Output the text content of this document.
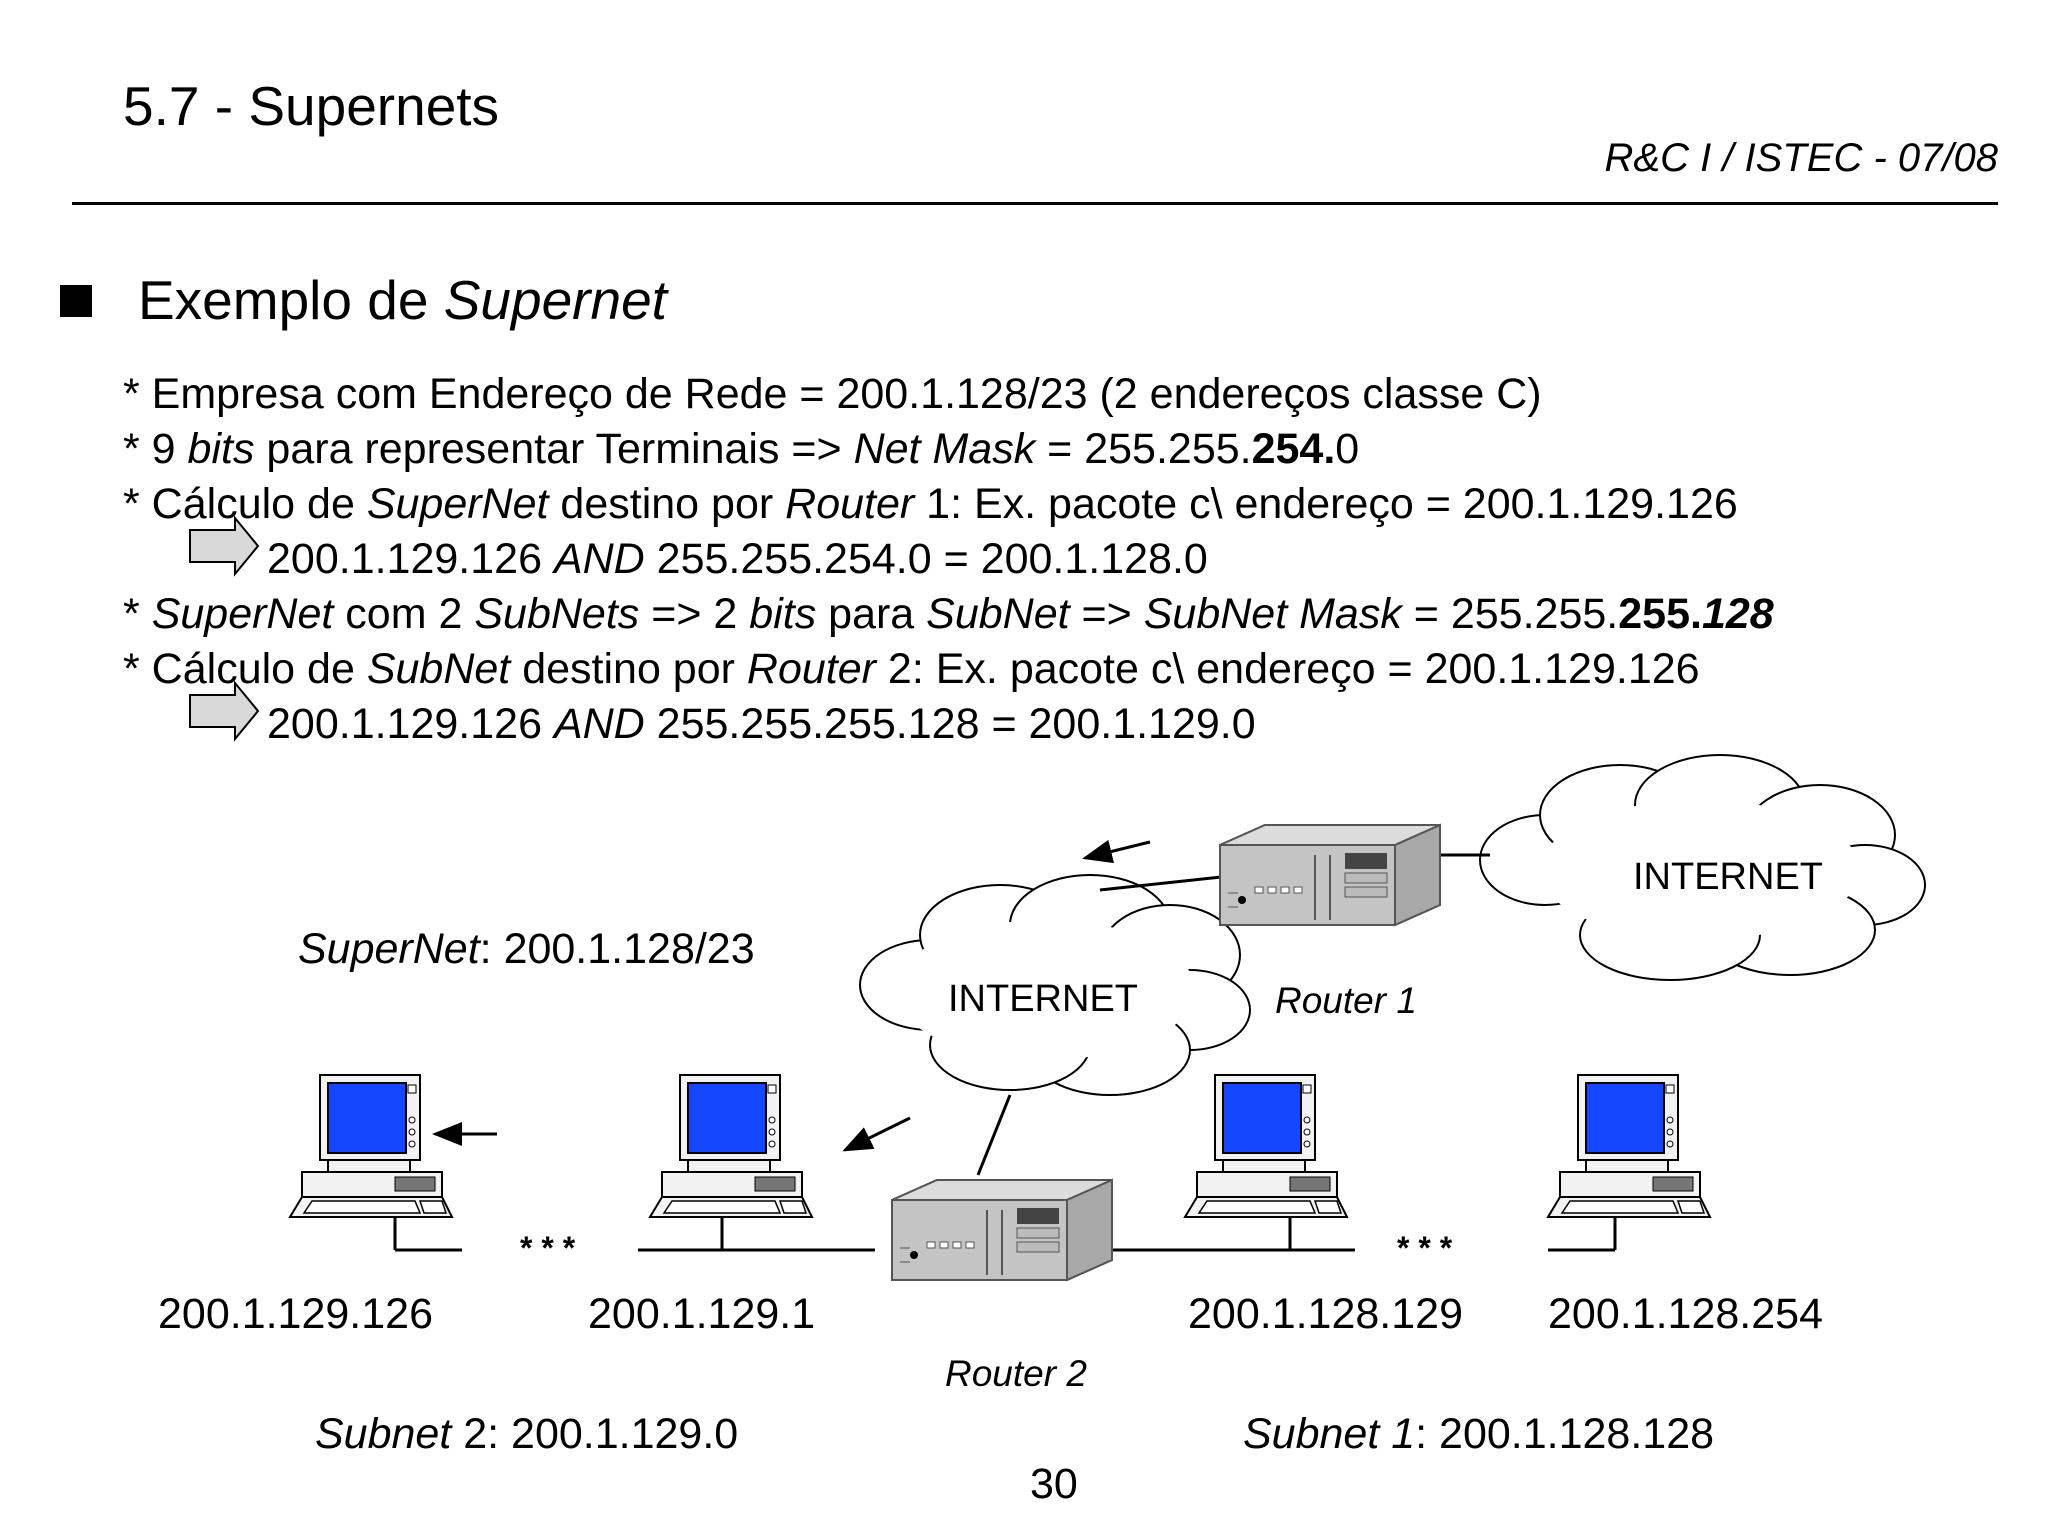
5.7 - Supernets
R&C I / ISTEC - 07/08
Exemplo de Supernet
* Empresa com Endereço de Rede = 200.1.128/23 (2 endereços classe C)
* 9 bits para representar Terminais => Net Mask = 255.255.254.0
* Cálculo de SuperNet destino por Router 1: Ex. pacote c\ endereço = 200.1.129.126
200.1.129.126 AND 255.255.254.0 = 200.1.128.0
* SuperNet com 2 SubNets => 2 bits para SubNet => SubNet Mask = 255.255.255.128
* Cálculo de SubNet destino por Router 2: Ex. pacote c\ endereço = 200.1.129.126
200.1.129.126 AND 255.255.255.128 = 200.1.129.0
SuperNet: 200.1.128/23
INTERNET
INTERNET
Router 1
Router 2
* * *	* * *
200.1.129.126	200.1.129.1	200.1.128.129 200.1.128.254
Subnet 2: 200.1.129.0	Subnet 1: 200.1.128.128
30
